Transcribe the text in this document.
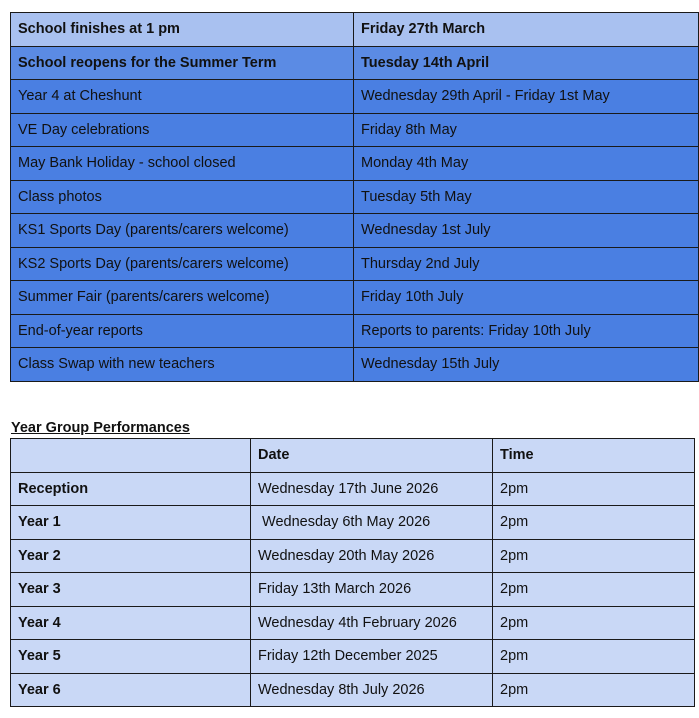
School finishes at 1 pm	Friday 27th March
School reopens for the Summer Term	Tuesday 14th April
Year 4 at Cheshunt	Wednesday 29th April - Friday 1st May
VE Day celebrations	Friday 8th May
May Bank Holiday - school closed	Monday 4th May
Class photos	Tuesday 5th May
KS1 Sports Day (parents/carers welcome)	Wednesday 1st July
KS2 Sports Day (parents/carers welcome)	Thursday 2nd July
Summer Fair (parents/carers welcome)	Friday 10th July
End-of-year reports	Reports to parents: Friday 10th July
Class Swap with new teachers	Wednesday 15th July
Year Group Performances
	Date	Time
Reception	Wednesday 17th June 2026	2pm
Year 1	Wednesday 6th May 2026	2pm
Year 2	Wednesday 20th May 2026	2pm
Year 3	Friday 13th March 2026	2pm
Year 4	Wednesday 4th February 2026	2pm
Year 5	Friday 12th December 2025	2pm
Year 6	Wednesday 8th July 2026	2pm
